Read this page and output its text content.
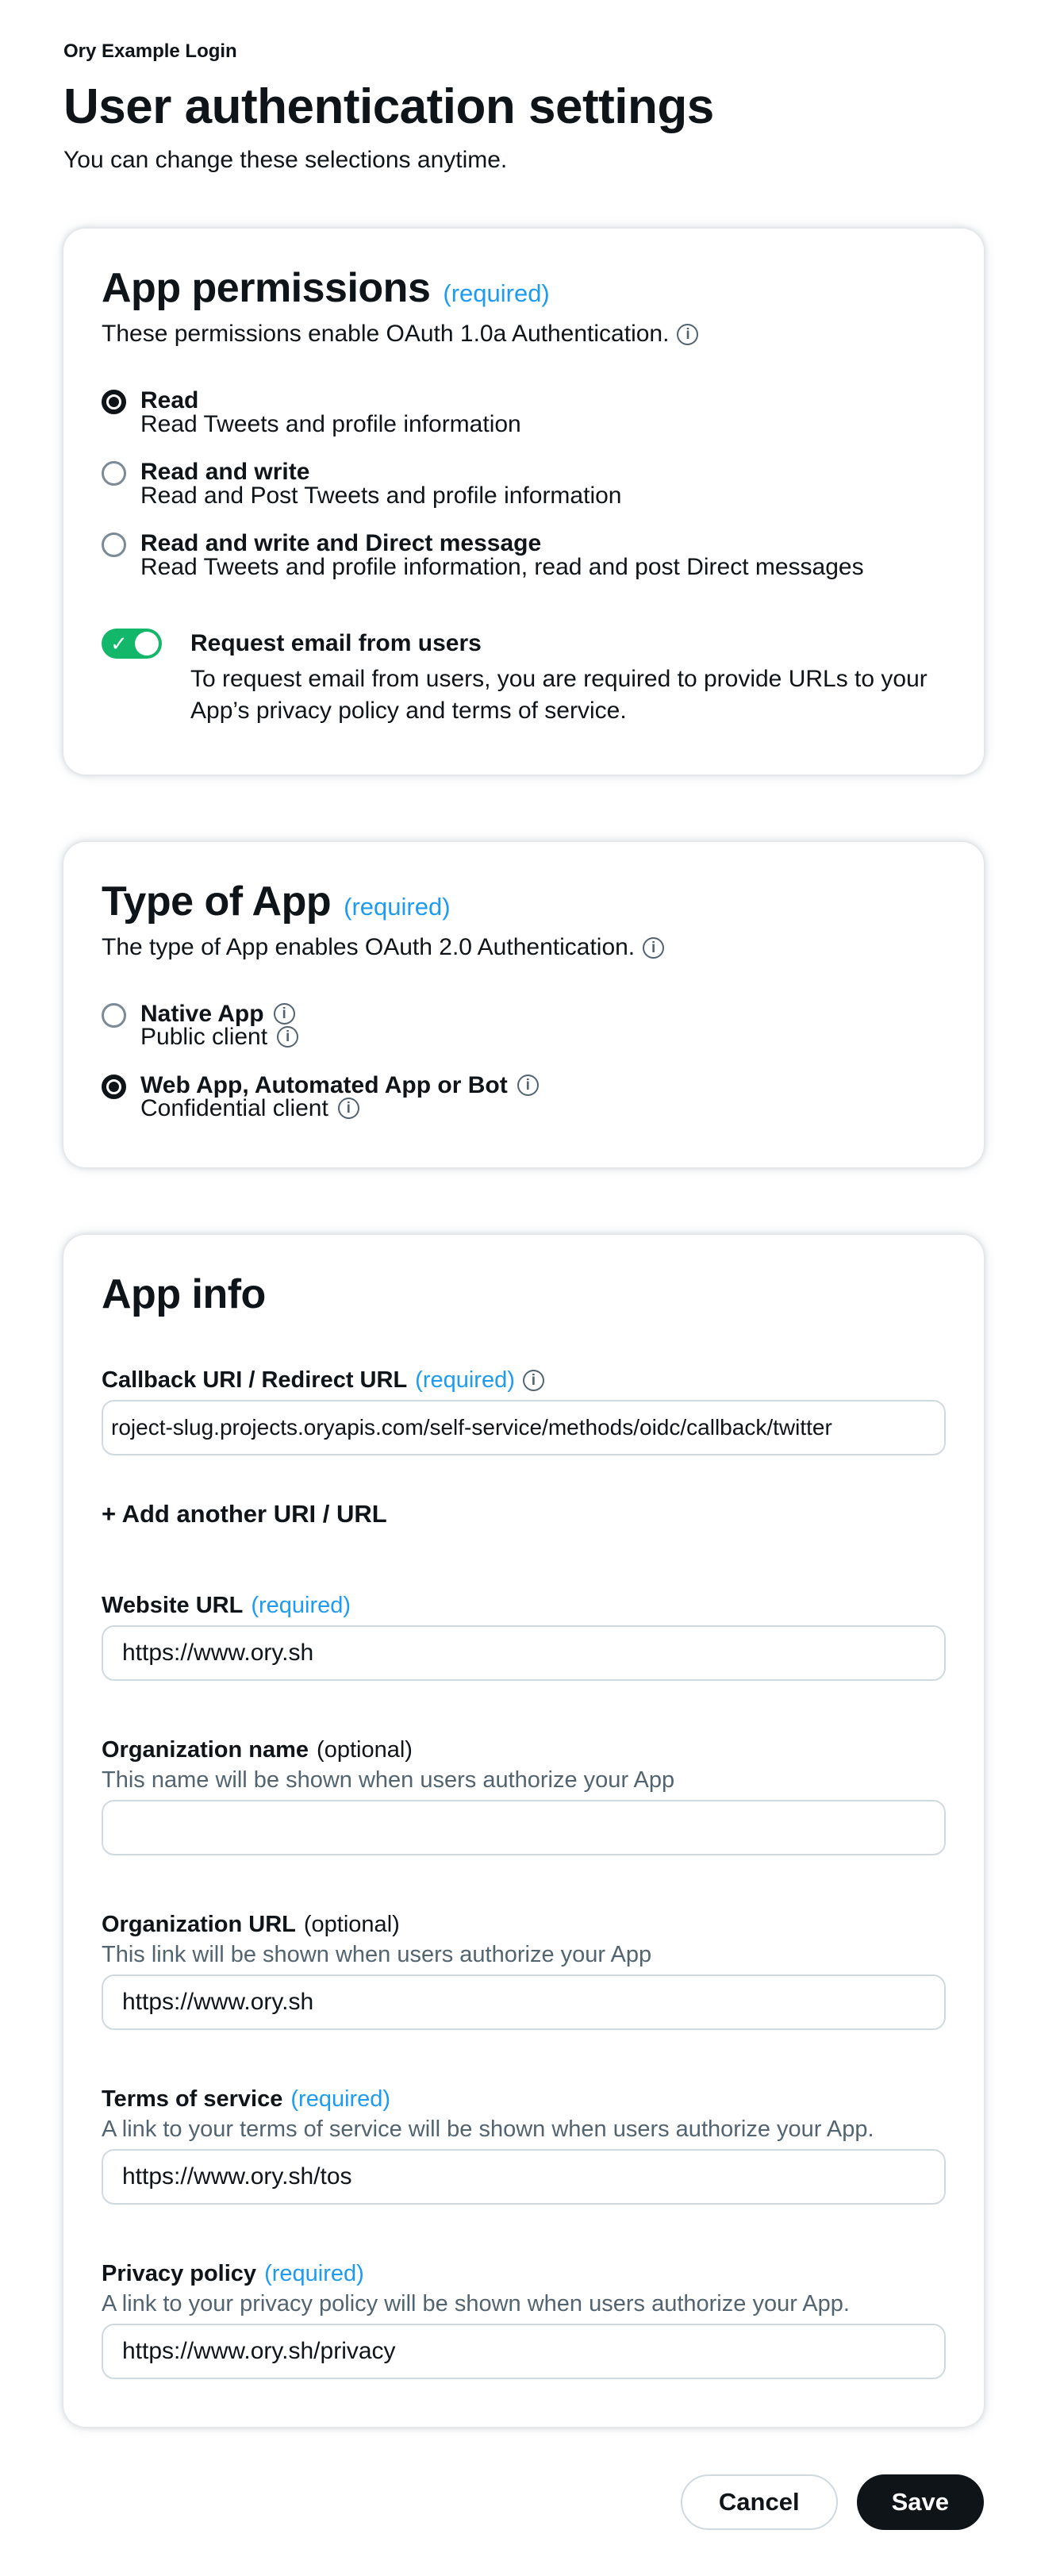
Ory Example Login
User authentication settings
You can change these selections anytime.
App permissions (required)
These permissions enable OAuth 1.0a Authentication.	i
Read
Read Tweets and profile information
Read and write
Read and Post Tweets and profile information
Read and write and Direct message
Read Tweets and profile information, read and post Direct messages
✓	Request email from users
To request email from users, you are required to provide URLs to your App’s privacy policy and terms of service.
Type of App (required)
The type of App enables OAuth 2.0 Authentication.	i
Native App	i
Public client	i
Web App, Automated App or Bot	i
Confidential client	i
App info
Callback URI / Redirect URL (required)	i
roject-slug.projects.oryapis.com/self-service/methods/oidc/callback/twitter
+ Add another URI / URL
Website URL (required)
https://www.ory.sh
Organization name (optional)
This name will be shown when users authorize your App
Organization URL (optional)
This link will be shown when users authorize your App
https://www.ory.sh
Terms of service (required)
A link to your terms of service will be shown when users authorize your App.
https://www.ory.sh/tos
Privacy policy (required)
A link to your privacy policy will be shown when users authorize your App.
https://www.ory.sh/privacy
Cancel	Save
